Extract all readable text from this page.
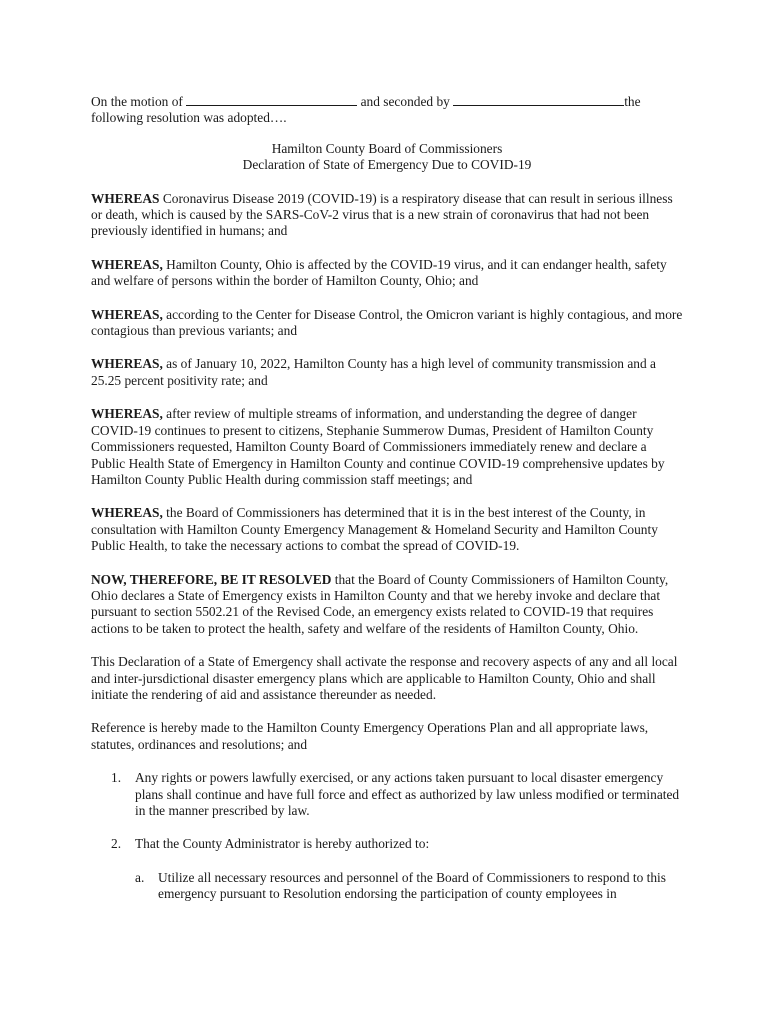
On the motion of	and seconded by	the following resolution was adopted….

Hamilton County Board of Commissioners
Declaration of State of Emergency Due to COVID-19

WHEREAS Coronavirus Disease 2019 (COVID-19) is a respiratory disease that can result in serious illness or death, which is caused by the SARS-CoV-2 virus that is a new strain of coronavirus that had not been previously identified in humans; and

WHEREAS, Hamilton County, Ohio is affected by the COVID-19 virus, and it can endanger health, safety and welfare of persons within the border of Hamilton County, Ohio; and

WHEREAS, according to the Center for Disease Control, the Omicron variant is highly contagious, and more contagious than previous variants; and

WHEREAS, as of January 10, 2022, Hamilton County has a high level of community transmission and a 25.25 percent positivity rate; and

WHEREAS, after review of multiple streams of information, and understanding the degree of danger COVID-19 continues to present to citizens, Stephanie Summerow Dumas, President of Hamilton County Commissioners requested, Hamilton County Board of Commissioners immediately renew and declare a Public Health State of Emergency in Hamilton County and continue COVID-19 comprehensive updates by Hamilton County Public Health during commission staff meetings; and

WHEREAS, the Board of Commissioners has determined that it is in the best interest of the County, in consultation with Hamilton County Emergency Management & Homeland Security and Hamilton County Public Health, to take the necessary actions to combat the spread of COVID-19.

NOW, THEREFORE, BE IT RESOLVED that the Board of County Commissioners of Hamilton County, Ohio declares a State of Emergency exists in Hamilton County and that we hereby invoke and declare that pursuant to section 5502.21 of the Revised Code, an emergency exists related to COVID-19 that requires actions to be taken to protect the health, safety and welfare of the residents of Hamilton County, Ohio.

This Declaration of a State of Emergency shall activate the response and recovery aspects of any and all local and inter-jursdictional disaster emergency plans which are applicable to Hamilton County, Ohio and shall initiate the rendering of aid and assistance thereunder as needed.

Reference is hereby made to the Hamilton County Emergency Operations Plan and all appropriate laws, statutes, ordinances and resolutions; and

1. Any rights or powers lawfully exercised, or any actions taken pursuant to local disaster emergency plans shall continue and have full force and effect as authorized by law unless modified or terminated in the manner prescribed by law.
2. That the County Administrator is hereby authorized to:
a. Utilize all necessary resources and personnel of the Board of Commissioners to respond to this emergency pursuant to Resolution endorsing the participation of county employees in
